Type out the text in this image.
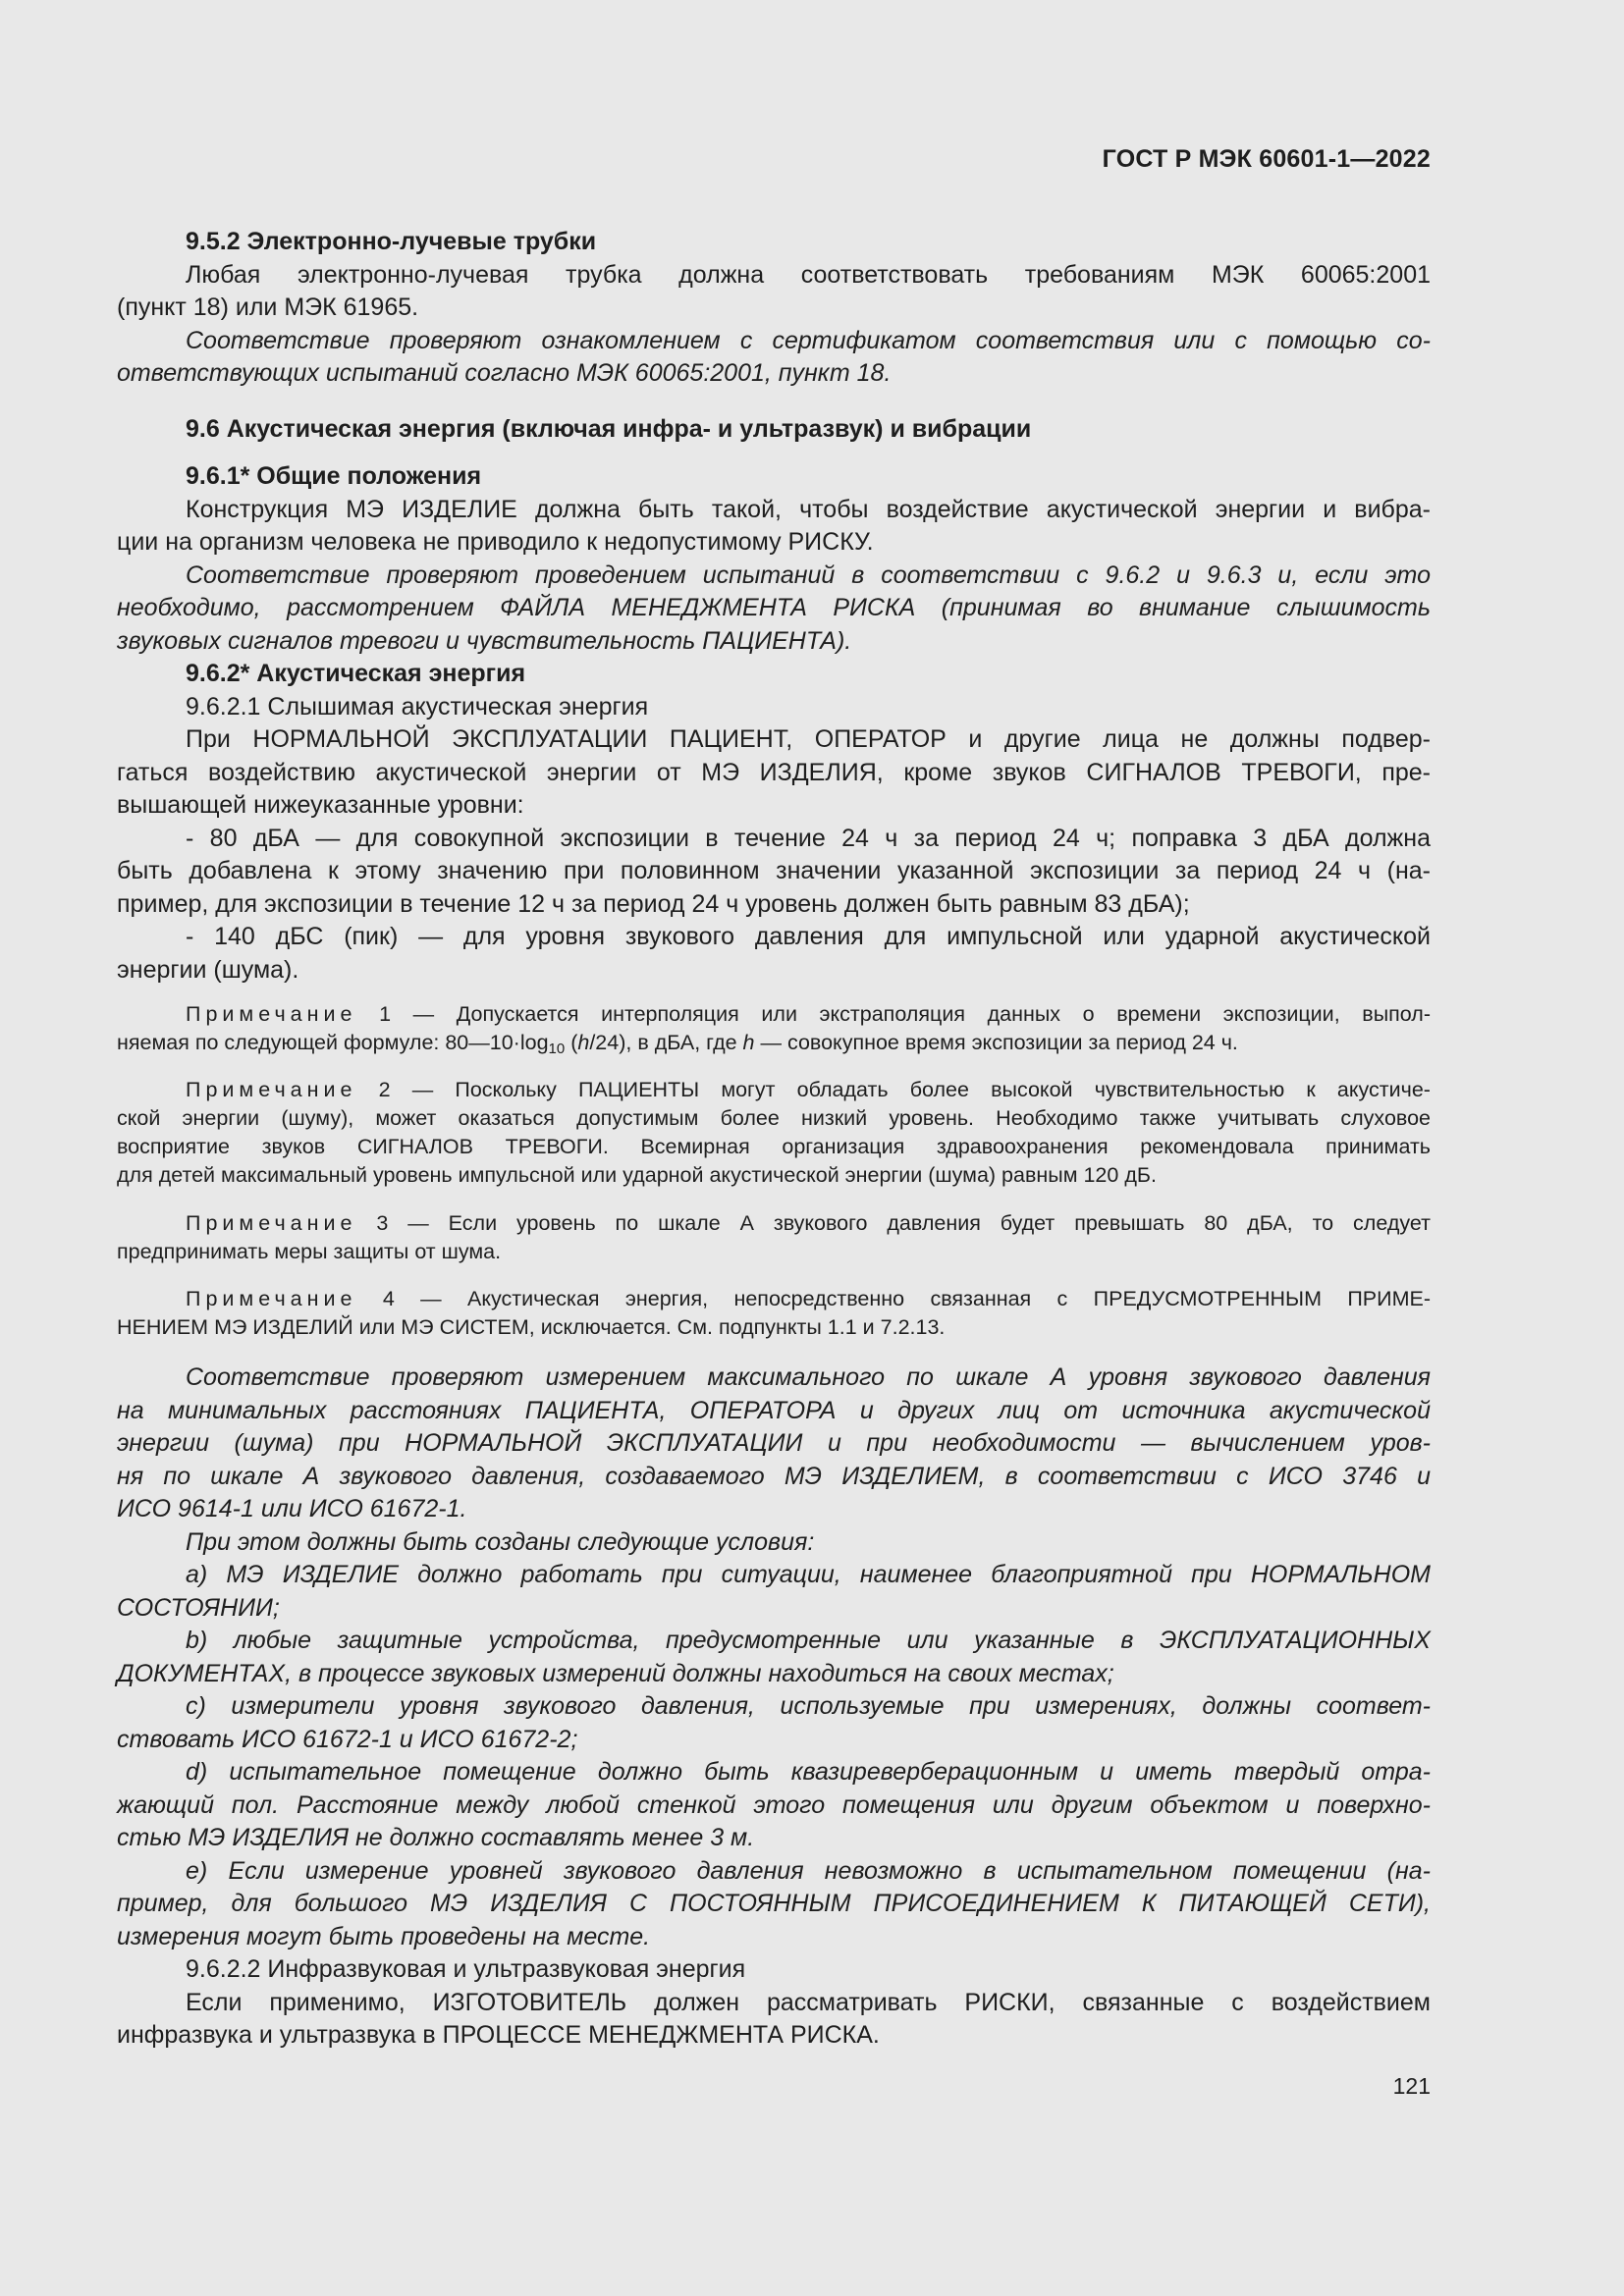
ГОСТ Р МЭК 60601-1—2022

9.5.2 Электронно-лучевые трубки

Любая электронно-лучевая трубка должна соответствовать требованиям МЭК 60065:2001

(пункт 18) или МЭК 61965.

Соответствие проверяют ознакомлением с сертификатом соответствия или с помощью со-

ответствующих испытаний согласно МЭК 60065:2001, пункт 18.

9.6 Акустическая энергия (включая инфра- и ультразвук) и вибрации

9.6.1* Общие положения

Конструкция МЭ ИЗДЕЛИЕ должна быть такой, чтобы воздействие акустической энергии и вибра-

ции на организм человека не приводило к недопустимому РИСКУ.

Соответствие проверяют проведением испытаний в соответствии с 9.6.2 и 9.6.3 и, если это

необходимо, рассмотрением ФАЙЛА МЕНЕДЖМЕНТА РИСКА (принимая во внимание слышимость

звуковых сигналов тревоги и чувствительность ПАЦИЕНТА).

9.6.2* Акустическая энергия

9.6.2.1 Слышимая акустическая энергия

При НОРМАЛЬНОЙ ЭКСПЛУАТАЦИИ ПАЦИЕНТ, ОПЕРАТОР и другие лица не должны подвер-

гаться воздействию акустической энергии от МЭ ИЗДЕЛИЯ, кроме звуков СИГНАЛОВ ТРЕВОГИ, пре-

вышающей нижеуказанные уровни:

- 80 дБА — для совокупной экспозиции в течение 24 ч за период 24 ч; поправка 3 дБА должна

быть добавлена к этому значению при половинном значении указанной экспозиции за период 24 ч (на-

пример, для экспозиции в течение 12 ч за период 24 ч уровень должен быть равным 83 дБА);

- 140 дБС (пик) — для уровня звукового давления для импульсной или ударной акустической

энергии (шума).

Примечание 1 — Допускается интерполяция или экстраполяция данных о времени экспозиции, выпол-

няемая по следующей формуле: $80—10\cdot\log_{10}$ (h/24), в дБА, где h — совокупное время экспозиции за период 24 ч.

Примечание 2 — Поскольку ПАЦИЕНТЫ могут обладать более высокой чувствительностью к акустиче-

ской энергии (шуму), может оказаться допустимым более низкий уровень. Необходимо также учитывать слуховое

восприятие звуков СИГНАЛОВ ТРЕВОГИ. Всемирная организация здравоохранения рекомендовала принимать

для детей максимальный уровень импульсной или ударной акустической энергии (шума) равным 120 дБ.

Примечание 3 — Если уровень по шкале А звукового давления будет превышать 80 дБА, то следует

предпринимать меры защиты от шума.

Примечание 4 — Акустическая энергия, непосредственно связанная с ПРЕДУСМОТРЕННЫМ ПРИМЕ-

НЕНИЕМ МЭ ИЗДЕЛИЙ или МЭ СИСТЕМ, исключается. См. подпункты 1.1 и 7.2.13.

Соответствие проверяют измерением максимального по шкале А уровня звукового давления

на минимальных расстояниях ПАЦИЕНТА, ОПЕРАТОРА и других лиц от источника акустической

энергии (шума) при НОРМАЛЬНОЙ ЭКСПЛУАТАЦИИ и при необходимости — вычислением уров-

ня по шкале А звукового давления, создаваемого МЭ ИЗДЕЛИЕМ, в соответствии с ИСО 3746 и

ИСО 9614-1 или ИСО 61672-1.

При этом должны быть созданы следующие условия:

а) МЭ ИЗДЕЛИЕ должно работать при ситуации, наименее благоприятной при НОРМАЛЬНОМ

СОСТОЯНИИ;

b) любые защитные устройства, предусмотренные или указанные в ЭКСПЛУАТАЦИОННЫХ

ДОКУМЕНТАХ, в процессе звуковых измерений должны находиться на своих местах;

с) измерители уровня звукового давления, используемые при измерениях, должны соответ-

ствовать ИСО 61672-1 и ИСО 61672-2;

d) испытательное помещение должно быть квазиреверберационным и иметь твердый отра-

жающий пол. Расстояние между любой стенкой этого помещения или другим объектом и поверхно-

стью МЭ ИЗДЕЛИЯ не должно составлять менее 3 м.

е) Если измерение уровней звукового давления невозможно в испытательном помещении (на-

пример, для большого МЭ ИЗДЕЛИЯ С ПОСТОЯННЫМ ПРИСОЕДИНЕНИЕМ К ПИТАЮЩЕЙ СЕТИ),

измерения могут быть проведены на месте.

9.6.2.2 Инфразвуковая и ультразвуковая энергия

Если применимо, ИЗГОТОВИТЕЛЬ должен рассматривать РИСКИ, связанные с воздействием

инфразвука и ультразвука в ПРОЦЕССЕ МЕНЕДЖМЕНТА РИСКА.

121
